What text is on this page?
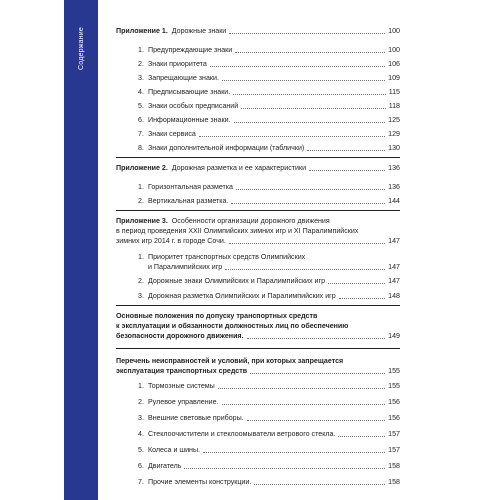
Содержание	Приложение 1. Дорожные знаки	100
1. Предупреждающие знаки	100
2. Знаки приоритета	106
3. Запрещающие знаки.	109
4. Предписывающие знаки.	115
5. Знаки особых предписаний	118
6. Информационные знаки.	125
7. Знаки сервиса	129
8. Знаки дополнительной информации (таблички)	130
Приложение 2. Дорожная разметка и ее характеристики	136
1. Горизонтальная разметка	136
2. Вертикальная разметка.	144
Приложение 3. Особенности организации дорожного движения
в период проведения XXII Олимпийских зимних игр и XI Паралимпийских
зимних игр 2014 г. в городе Сочи.	147
1. Приоритет транспортных средств Олимпийских
и Паралимпийских игр	147
2. Дорожные знаки Олимпийских и Паралимпийских игр	147
3. Дорожная разметка Олимпийских и Паралимпийских игр	148
Основные положения по допуску транспортных средств
к эксплуатации и обязанности должностных лиц по обеспечению
безопасности дорожного движения.	149
Перечень неисправностей и условий, при которых запрещается
эксплуатация транспортных средств	155
1. Тормозные системы	155
2. Рулевое управление.	156
3. Внешние световые приборы.	156
4. Стеклоочистители и стеклоомыватели ветрового стекла.	157
5. Колеса и шины.	157
6. Двигатель	158
7. Прочие элементы конструкции.	158
